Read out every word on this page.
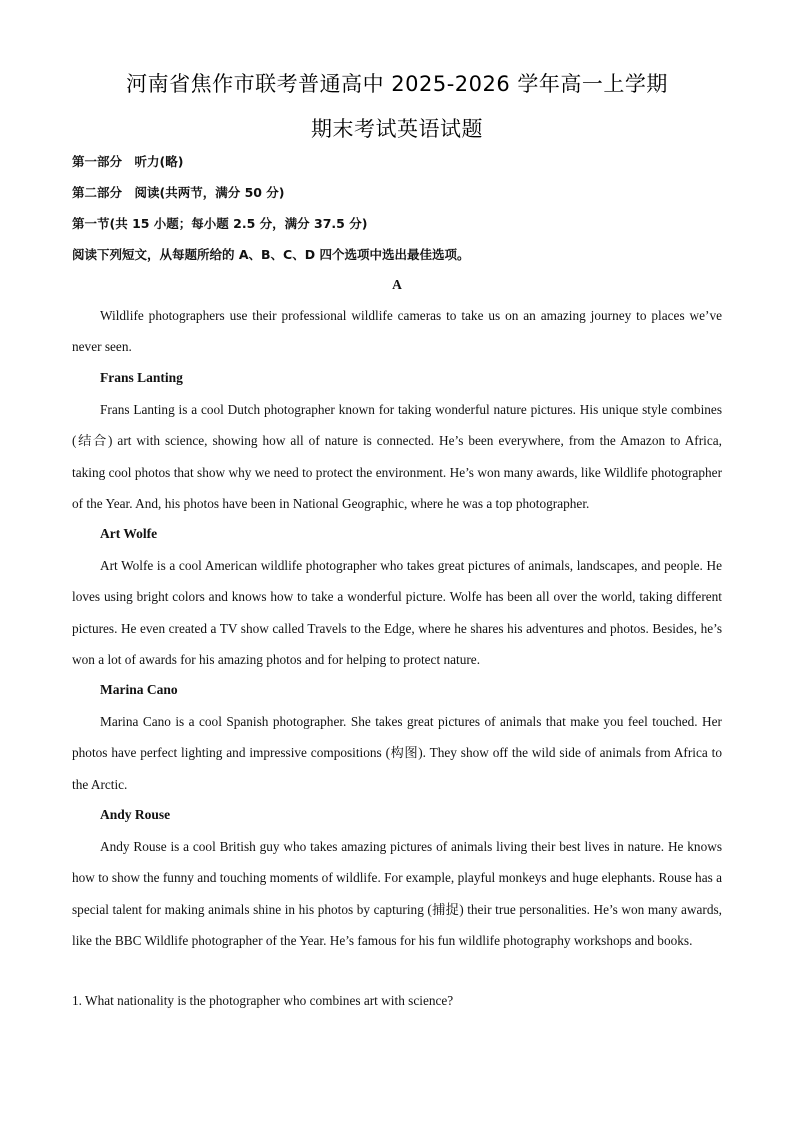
河南省焦作市联考普通高中 2025-2026 学年高一上学期
期末考试英语试题
第一部分　听力(略)
第二部分　阅读(共两节，满分 50 分)
第一节(共 15 小题；每小题 2.5 分，满分 37.5 分)
阅读下列短文，从每题所给的 A、B、C、D 四个选项中选出最佳选项。
A

Wildlife photographers use their professional wildlife cameras to take us on an amazing journey to places we’ve never seen.

Frans Lanting

Frans Lanting is a cool Dutch photographer known for taking wonderful nature pictures. His unique style combines (结合) art with science, showing how all of nature is connected. He’s been everywhere, from the Amazon to Africa, taking cool photos that show why we need to protect the environment. He’s won many awards, like Wildlife photographer of the Year. And, his photos have been in National Geographic, where he was a top photographer.

Art Wolfe

Art Wolfe is a cool American wildlife photographer who takes great pictures of animals, landscapes, and people. He loves using bright colors and knows how to take a wonderful picture. Wolfe has been all over the world, taking different pictures. He even created a TV show called Travels to the Edge, where he shares his adventures and photos. Besides, he’s won a lot of awards for his amazing photos and for helping to protect nature.

Marina Cano

Marina Cano is a cool Spanish photographer. She takes great pictures of animals that make you feel touched. Her photos have perfect lighting and impressive compositions (构图). They show off the wild side of animals from Africa to the Arctic.

Andy Rouse

Andy Rouse is a cool British guy who takes amazing pictures of animals living their best lives in nature. He knows how to show the funny and touching moments of wildlife. For example, playful monkeys and huge elephants. Rouse has a special talent for making animals shine in his photos by capturing (捕捉) their true personalities. He’s won many awards, like the BBC Wildlife photographer of the Year. He’s famous for his fun wildlife photography workshops and books.

1. What nationality is the photographer who combines art with science?
